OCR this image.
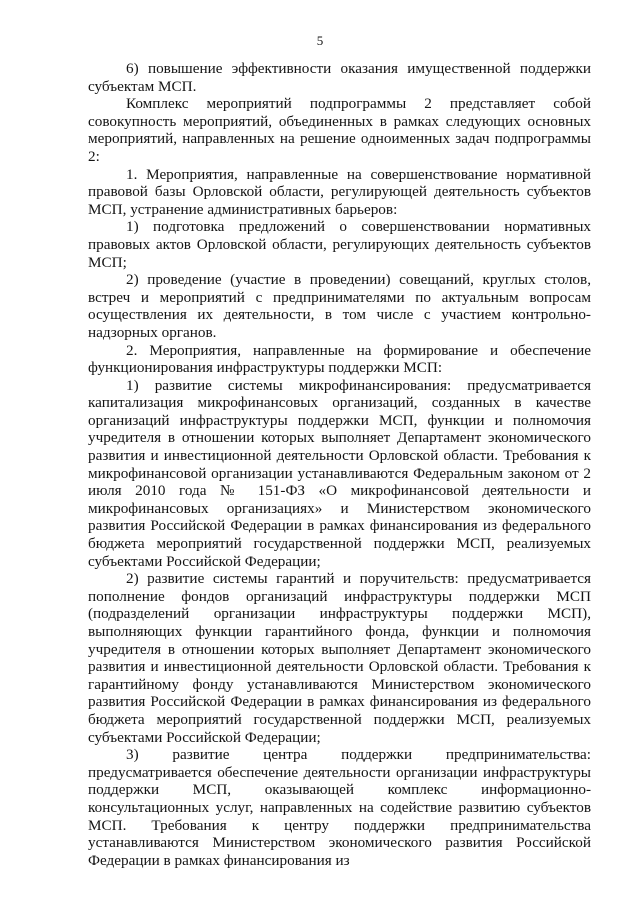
5

6) повышение эффективности оказания имущественной поддержки субъектам МСП.

Комплекс мероприятий подпрограммы 2 представляет собой совокупность мероприятий, объединенных в рамках следующих основных мероприятий, направленных на решение одноименных задач подпрограммы 2:

1. Мероприятия, направленные на совершенствование нормативной правовой базы Орловской области, регулирующей деятельность субъектов МСП, устранение административных барьеров:

1) подготовка предложений о совершенствовании нормативных правовых актов Орловской области, регулирующих деятельность субъектов МСП;

2) проведение (участие в проведении) совещаний, круглых столов, встреч и мероприятий с предпринимателями по актуальным вопросам осуществления их деятельности, в том числе с участием контрольно-надзорных органов.

2. Мероприятия, направленные на формирование и обеспечение функционирования инфраструктуры поддержки МСП:

1) развитие системы микрофинансирования: предусматривается капитализация микрофинансовых организаций, созданных в качестве организаций инфраструктуры поддержки МСП, функции и полномочия учредителя в отношении которых выполняет Департамент экономического развития и инвестиционной деятельности Орловской области. Требования к микрофинансовой организации устанавливаются Федеральным законом от 2 июля 2010 года № 151-ФЗ «О микрофинансовой деятельности и микрофинансовых организациях» и Министерством экономического развития Российской Федерации в рамках финансирования из федерального бюджета мероприятий государственной поддержки МСП, реализуемых субъектами Российской Федерации;

2) развитие системы гарантий и поручительств: предусматривается пополнение фондов организаций инфраструктуры поддержки МСП (подразделений организации инфраструктуры поддержки МСП), выполняющих функции гарантийного фонда, функции и полномочия учредителя в отношении которых выполняет Департамент экономического развития и инвестиционной деятельности Орловской области. Требования к гарантийному фонду устанавливаются Министерством экономического развития Российской Федерации в рамках финансирования из федерального бюджета мероприятий государственной поддержки МСП, реализуемых субъектами Российской Федерации;

3) развитие центра поддержки предпринимательства: предусматривается обеспечение деятельности организации инфраструктуры поддержки МСП, оказывающей комплекс информационно-консультационных услуг, направленных на содействие развитию субъектов МСП. Требования к центру поддержки предпринимательства устанавливаются Министерством экономического развития Российской Федерации в рамках финансирования из
